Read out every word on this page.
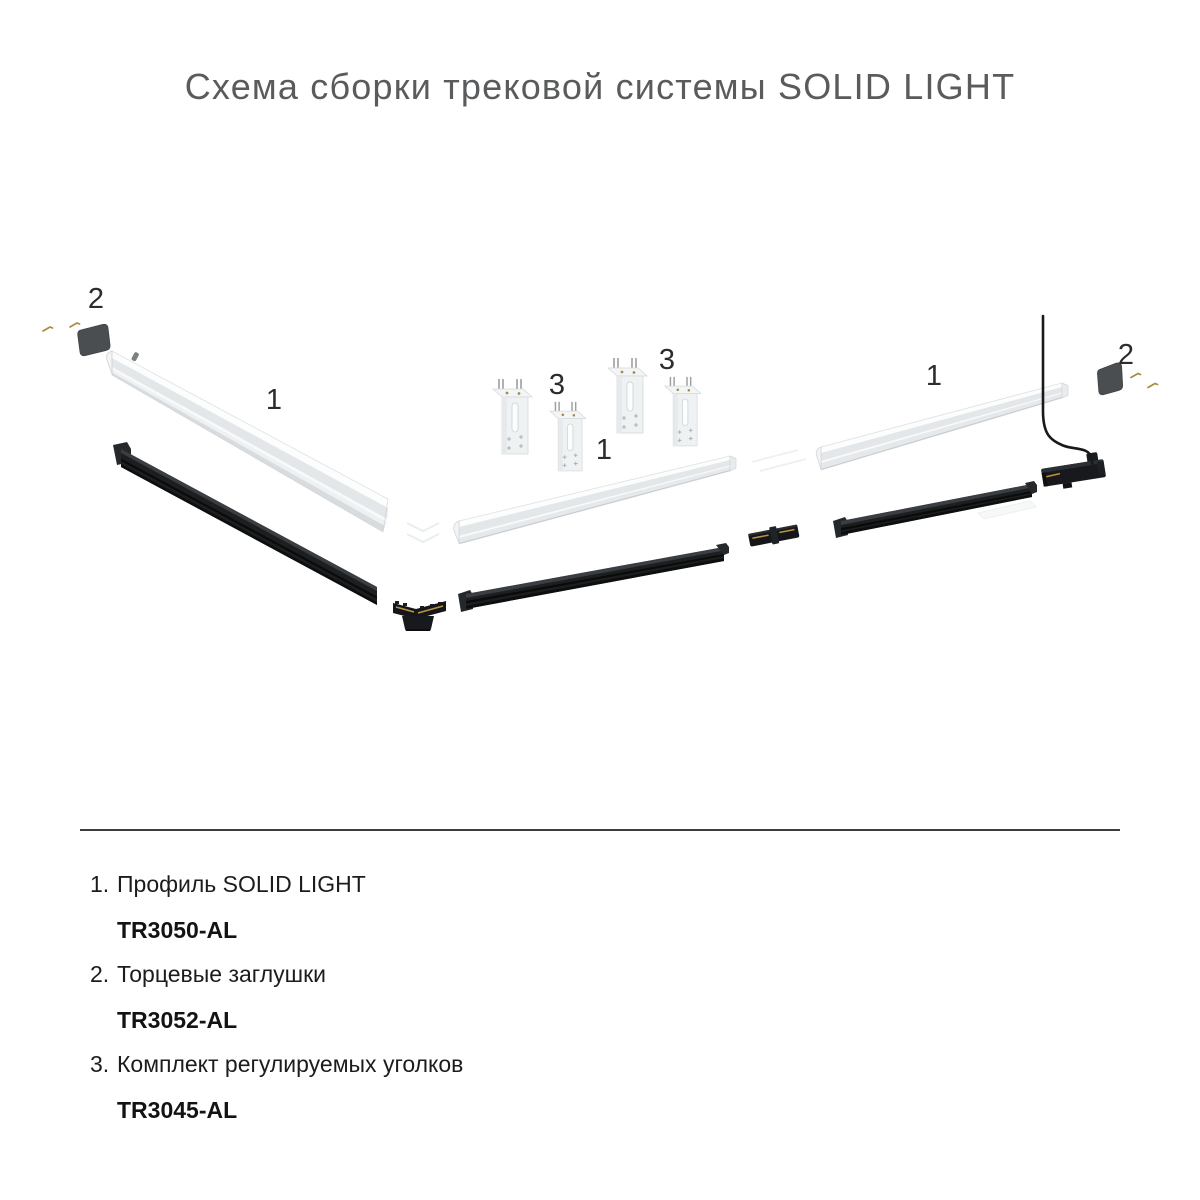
Схема сборки трековой системы SOLID LIGHT
2
1	3
3
1
1
2
1. Профиль SOLID LIGHT
TR3050-AL
2. Торцевые заглушки
TR3052-AL
3. Комплект регулируемых уголков
TR3045-AL
